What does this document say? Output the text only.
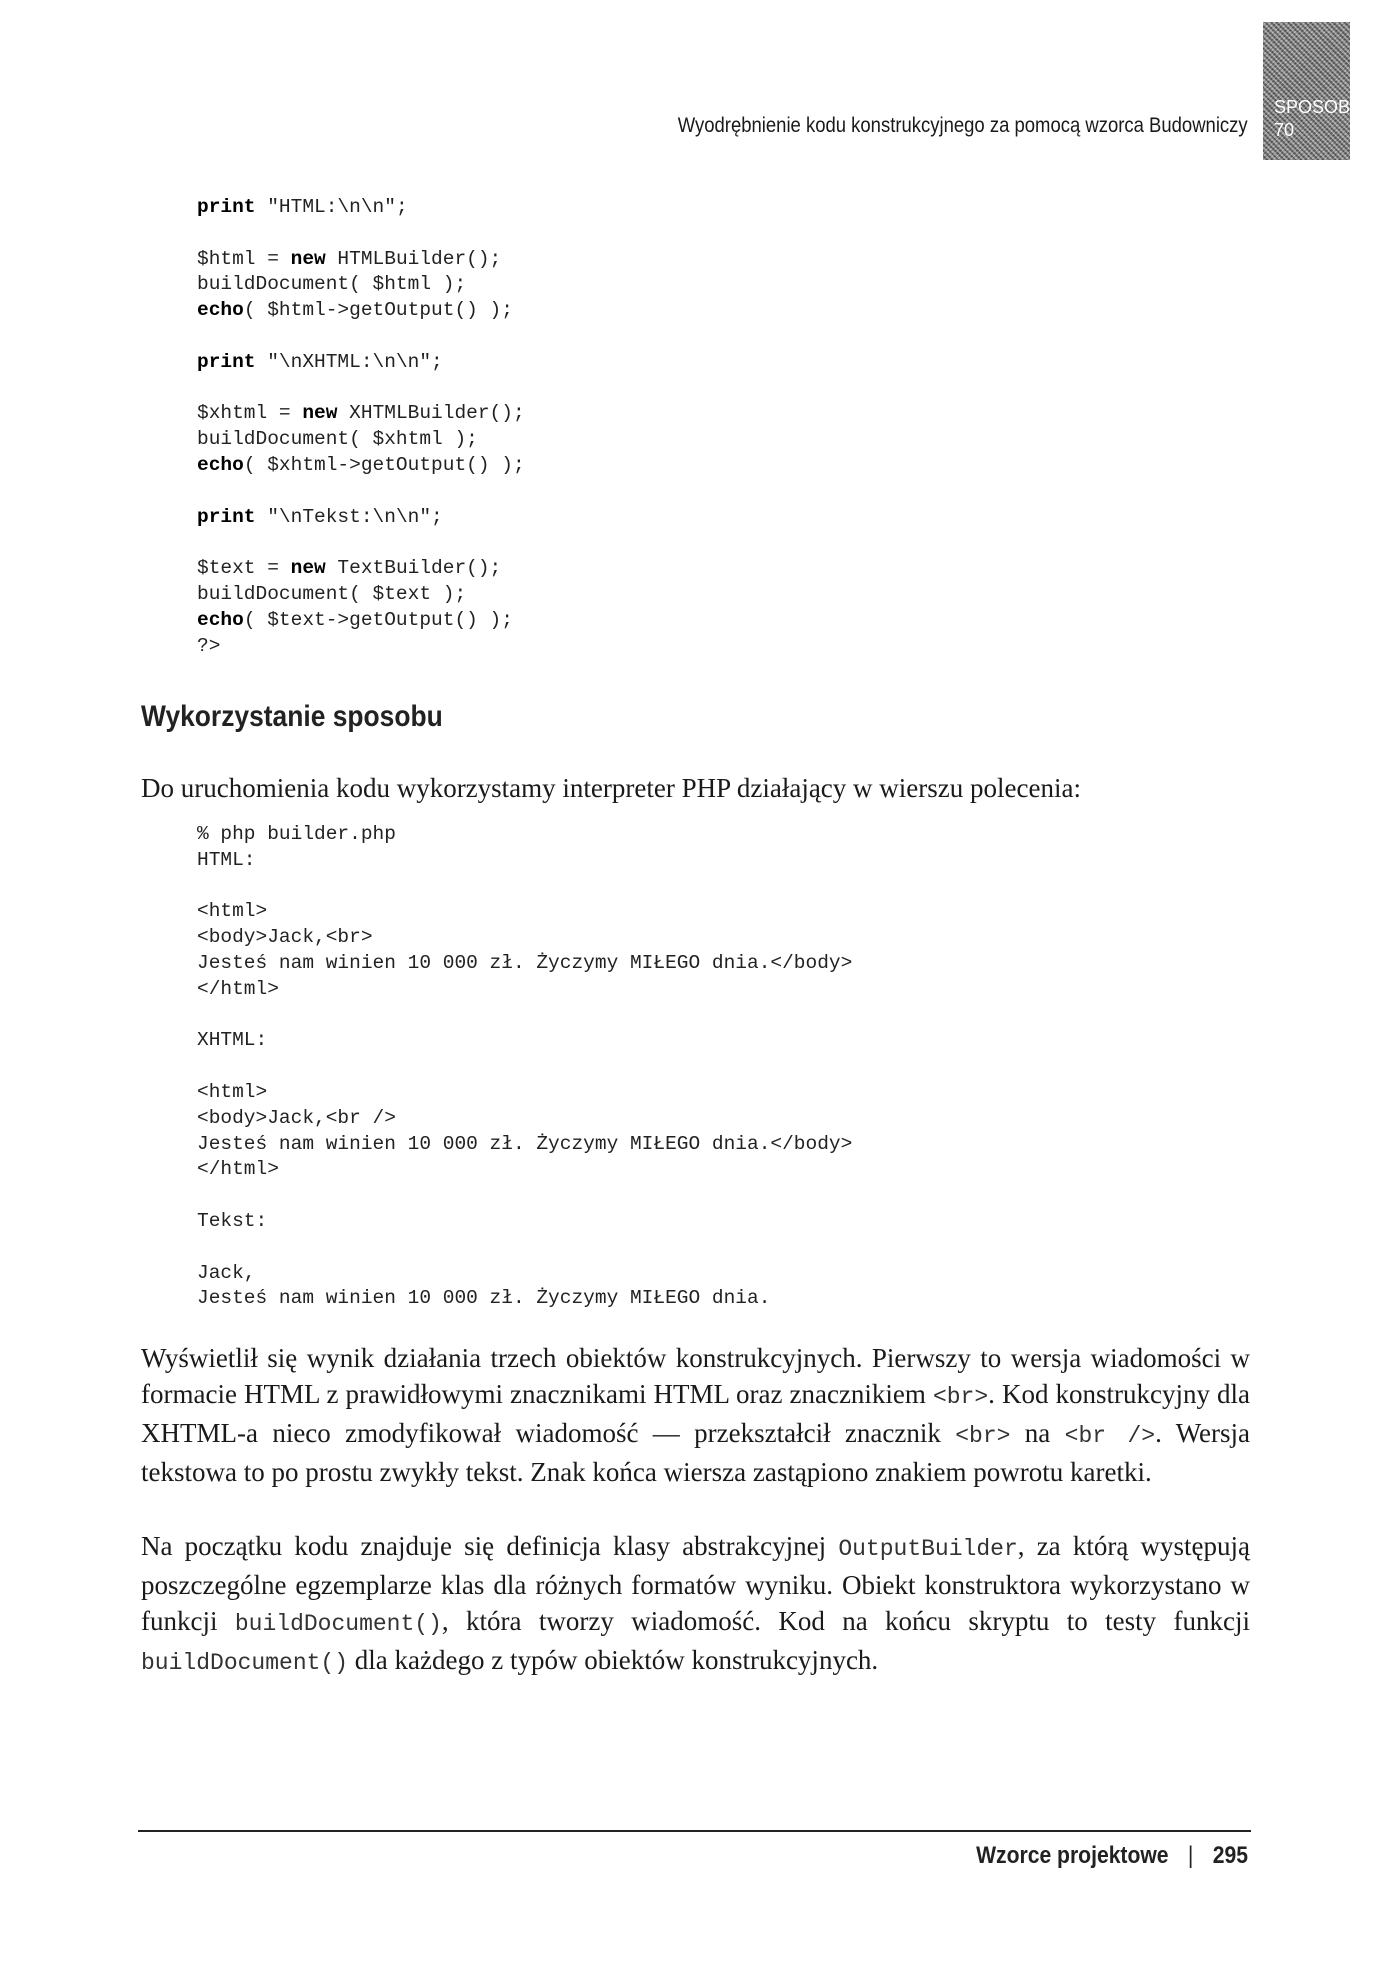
Wyodrębnienie kodu konstrukcyjnego za pomocą wzorca Budowniczy
SPOSOB
70
print "HTML:\n\n";
$html = new HTMLBuilder();
buildDocument( $html );
echo( $html->getOutput() );
print "\nXHTML:\n\n";
$xhtml = new XHTMLBuilder();
buildDocument( $xhtml );
echo( $xhtml->getOutput() );
print "\nTekst:\n\n";
$text = new TextBuilder();
buildDocument( $text );
echo( $text->getOutput() );
?>
Wykorzystanie sposobu

Do uruchomienia kodu wykorzystamy interpreter PHP działający w wierszu polecenia:

% php builder.php
HTML:
<html>
<body>Jack,<br>
Jesteś nam winien 10 000 zł. Życzymy MIŁEGO dnia.</body>
</html>
XHTML:
<html>
<body>Jack,<br />
Jesteś nam winien 10 000 zł. Życzymy MIŁEGO dnia.</body>
</html>
Tekst:
Jack,
Jesteś nam winien 10 000 zł. Życzymy MIŁEGO dnia.

Wyświetlił się wynik działania trzech obiektów konstrukcyjnych. Pierwszy to wersja wiadomości w formacie HTML z prawidłowymi znacznikami HTML oraz znacznikiem <br>. Kod konstrukcyjny dla XHTML-a nieco zmodyfikował wiadomość — przekształcił znacznik <br> na <br />. Wersja tekstowa to po prostu zwykły tekst. Znak końca wiersza zastąpiono znakiem powrotu karetki.

Na początku kodu znajduje się definicja klasy abstrakcyjnej OutputBuilder, za którą występują poszczególne egzemplarze klas dla różnych formatów wyniku. Obiekt konstruktora wykorzystano w funkcji buildDocument(), która tworzy wiadomość. Kod na końcu skryptu to testy funkcji buildDocument() dla każdego z typów obiektów konstrukcyjnych.

Wzorce projektowe | 295
